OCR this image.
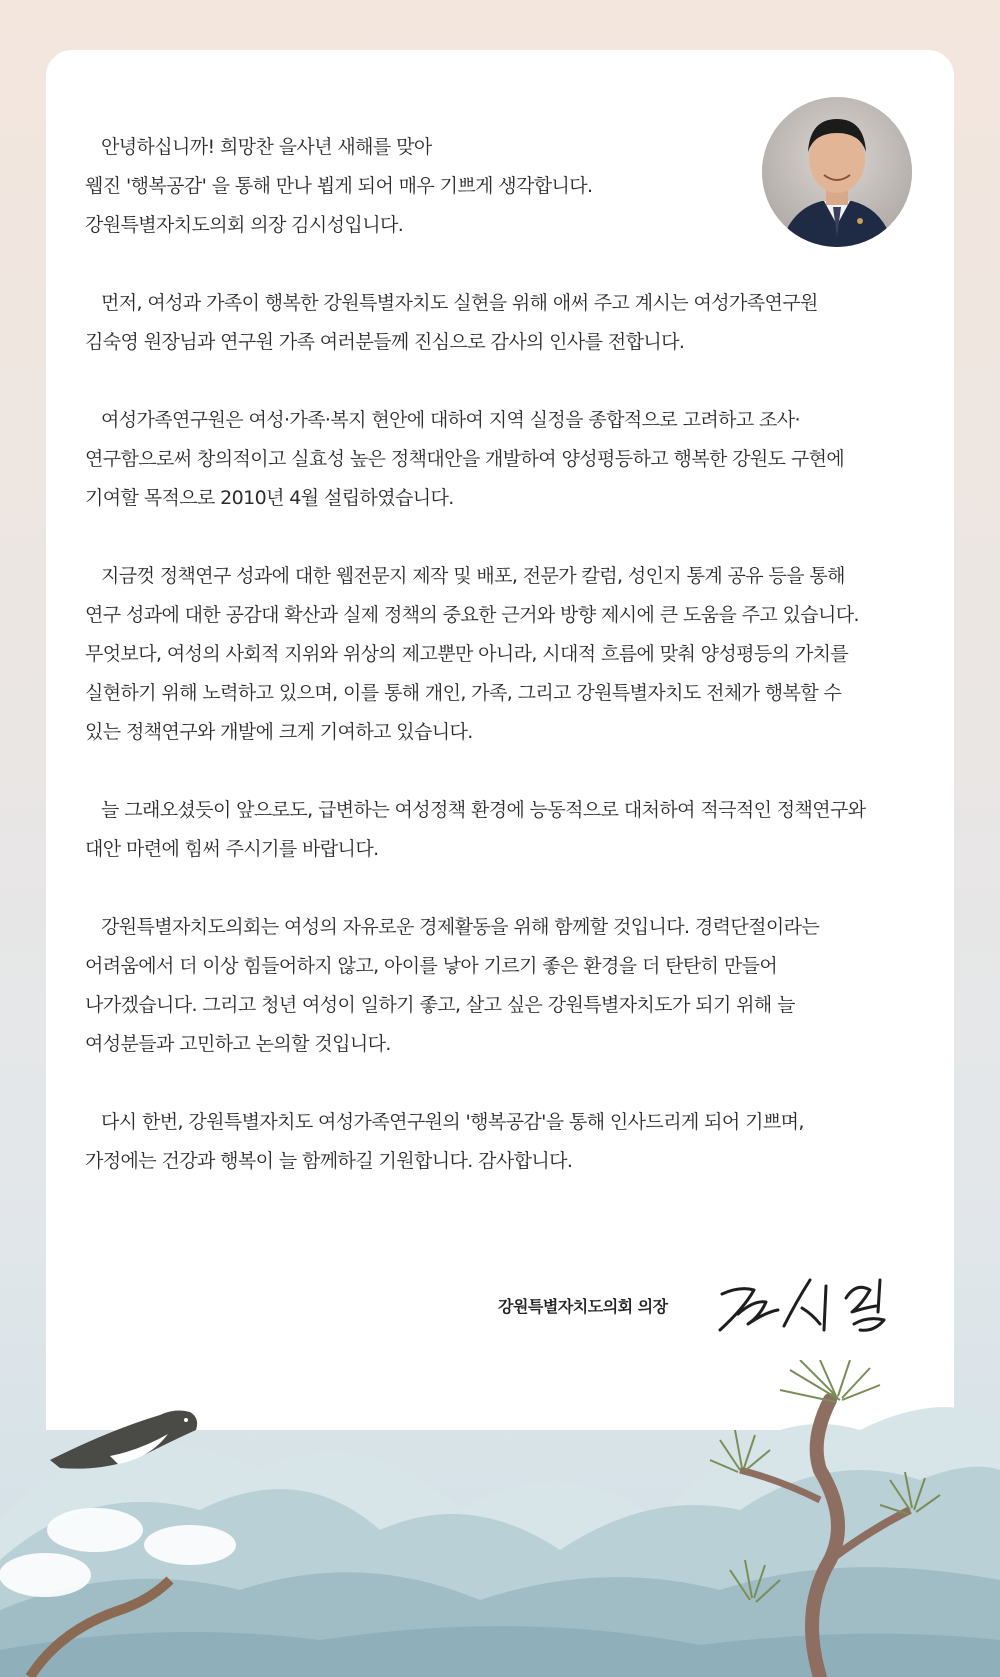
안녕하십니까! 희망찬 을사년 새해를 맞아
웹진 '행복공감' 을 통해 만나 뵙게 되어 매우 기쁘게 생각합니다.
강원특별자치도의회 의장 김시성입니다.

먼저, 여성과 가족이 행복한 강원특별자치도 실현을 위해 애써 주고 계시는 여성가족연구원
김숙영 원장님과 연구원 가족 여러분들께 진심으로 감사의 인사를 전합니다.

여성가족연구원은 여성·가족·복지 현안에 대하여 지역 실정을 종합적으로 고려하고 조사·
연구함으로써 창의적이고 실효성 높은 정책대안을 개발하여 양성평등하고 행복한 강원도 구현에
기여할 목적으로 2010년 4월 설립하였습니다.

지금껏 정책연구 성과에 대한 웹전문지 제작 및 배포, 전문가 칼럼, 성인지 통계 공유 등을 통해
연구 성과에 대한 공감대 확산과 실제 정책의 중요한 근거와 방향 제시에 큰 도움을 주고 있습니다.
무엇보다, 여성의 사회적 지위와 위상의 제고뿐만 아니라, 시대적 흐름에 맞춰 양성평등의 가치를
실현하기 위해 노력하고 있으며, 이를 통해 개인, 가족, 그리고 강원특별자치도 전체가 행복할 수
있는 정책연구와 개발에 크게 기여하고 있습니다.

늘 그래오셨듯이 앞으로도, 급변하는 여성정책 환경에 능동적으로 대처하여 적극적인 정책연구와
대안 마련에 힘써 주시기를 바랍니다.

강원특별자치도의회는 여성의 자유로운 경제활동을 위해 함께할 것입니다. 경력단절이라는
어려움에서 더 이상 힘들어하지 않고, 아이를 낳아 기르기 좋은 환경을 더 탄탄히 만들어
나가겠습니다. 그리고 청년 여성이 일하기 좋고, 살고 싶은 강원특별자치도가 되기 위해 늘
여성분들과 고민하고 논의할 것입니다.

다시 한번, 강원특별자치도 여성가족연구원의 '행복공감'을 통해 인사드리게 되어 기쁘며,
가정에는 건강과 행복이 늘 함께하길 기원합니다. 감사합니다.

강원특별자치도의회 의장
